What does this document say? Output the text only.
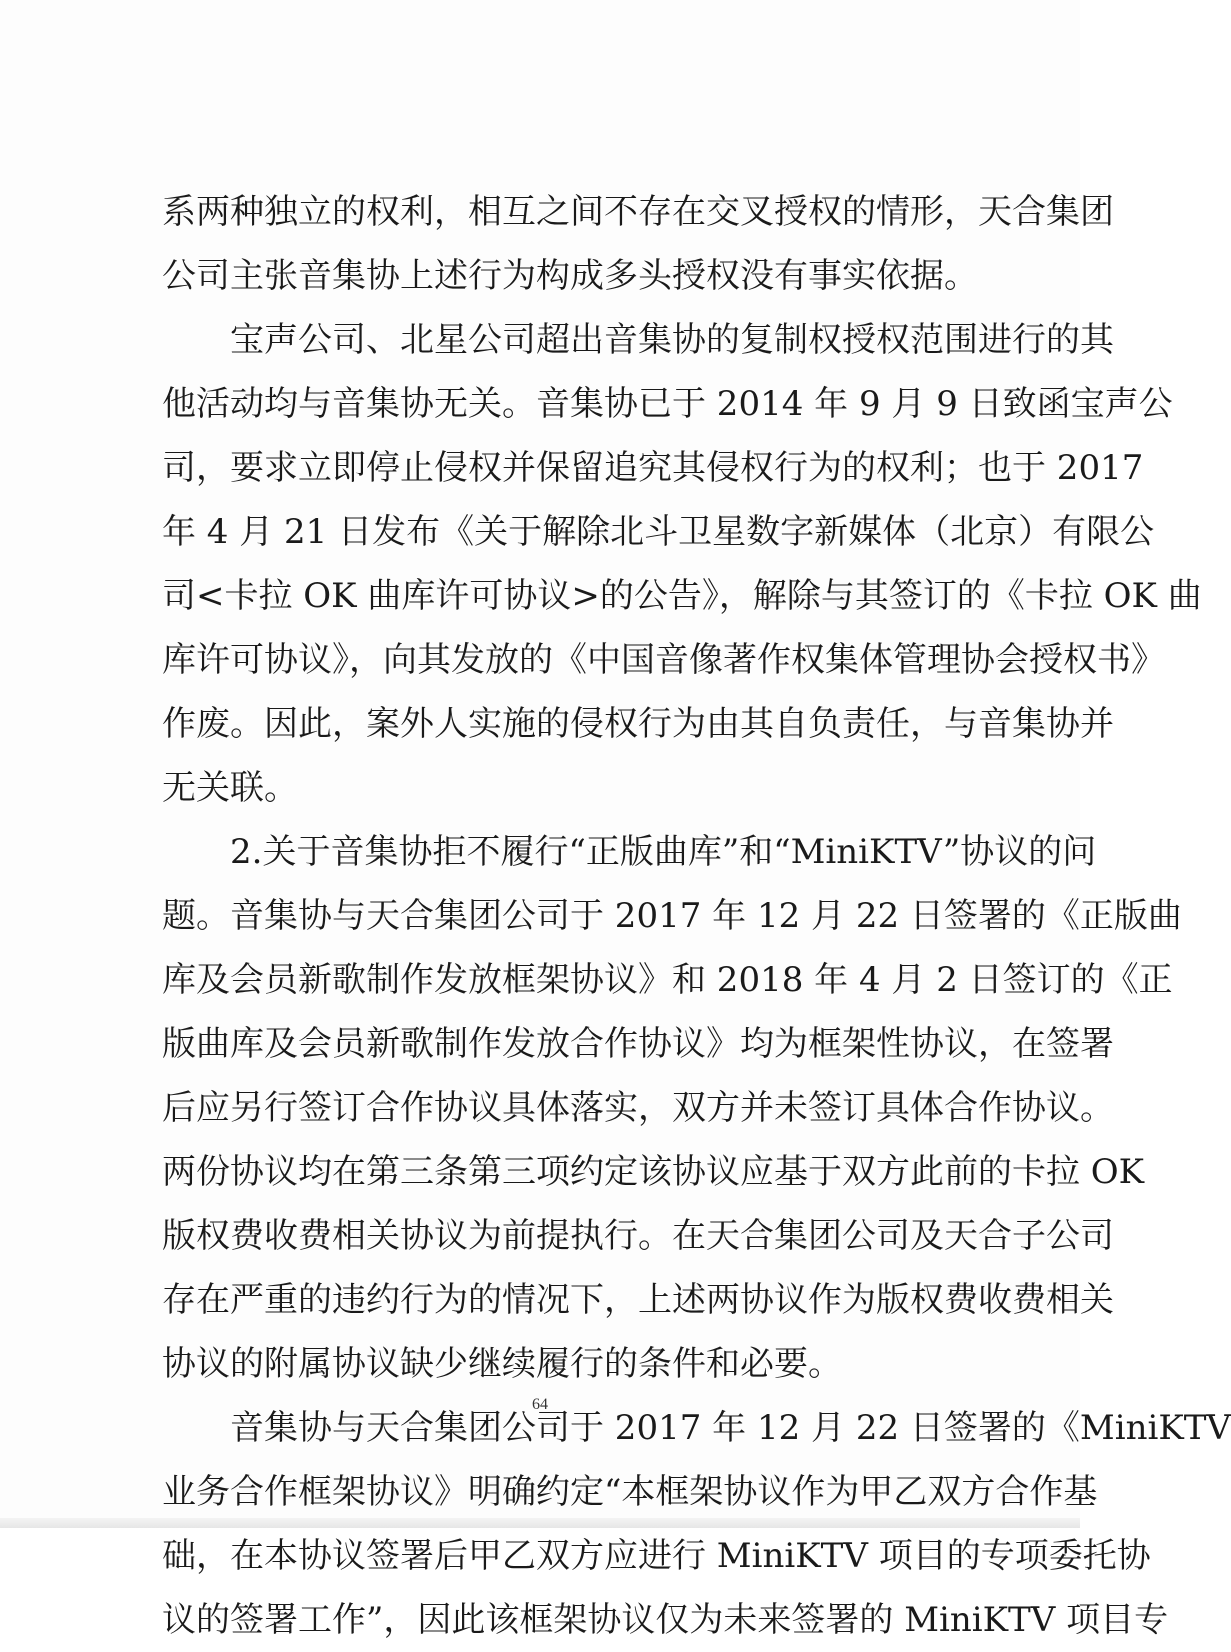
系两种独立的权利，相互之间不存在交叉授权的情形，天合集团
公司主张音集协上述行为构成多头授权没有事实依据。
　　宝声公司、北星公司超出音集协的复制权授权范围进行的其
他活动均与音集协无关。音集协已于 2014 年 9 月 9 日致函宝声公
司，要求立即停止侵权并保留追究其侵权行为的权利；也于 2017
年 4 月 21 日发布《关于解除北斗卫星数字新媒体（北京）有限公
司<卡拉 OK 曲库许可协议>的公告》，解除与其签订的《卡拉 OK 曲
库许可协议》，向其发放的《中国音像著作权集体管理协会授权书》
作废。因此，案外人实施的侵权行为由其自负责任，与音集协并
无关联。
　　2.关于音集协拒不履行“正版曲库”和“MiniKTV”协议的问
题。音集协与天合集团公司于 2017 年 12 月 22 日签署的《正版曲
库及会员新歌制作发放框架协议》和 2018 年 4 月 2 日签订的《正
版曲库及会员新歌制作发放合作协议》均为框架性协议，在签署
后应另行签订合作协议具体落实，双方并未签订具体合作协议。
两份协议均在第三条第三项约定该协议应基于双方此前的卡拉 OK
版权费收费相关协议为前提执行。在天合集团公司及天合子公司
存在严重的违约行为的情况下，上述两协议作为版权费收费相关
协议的附属协议缺少继续履行的条件和必要。
　　音集协与天合集团公司于 2017 年 12 月 22 日签署的《MiniKTV
业务合作框架协议》明确约定“本框架协议作为甲乙双方合作基
础，在本协议签署后甲乙双方应进行 MiniKTV 项目的专项委托协
议的签署工作”，因此该框架协议仅为未来签署的 MiniKTV 项目专
64
